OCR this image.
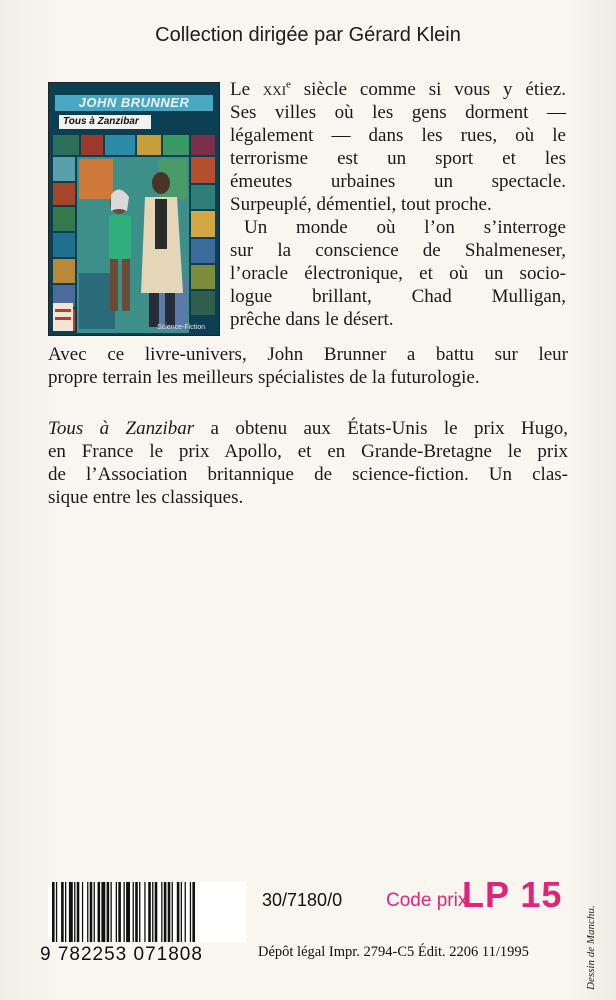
Collection dirigée par Gérard Klein
JOHN BRUNNER
Tous à Zanzibar
Science-Fiction
Le xxi$^e$ siècle comme si vous y étiez.
Ses villes où les gens dorment —
légalement — dans les rues, où le
terrorisme est un sport et les
émeutes urbaines un spectacle.
Surpeuplé, démentiel, tout proche.
Un monde où l’on s’interroge
sur la conscience de Shalmeneser,
l’oracle électronique, et où un socio-
logue brillant, Chad Mulligan,
prêche dans le désert.
Avec ce livre-univers, John Brunner a battu sur leur
propre terrain les meilleurs spécialistes de la futurologie.
Tous à Zanzibar a obtenu aux États-Unis le prix Hugo,
en France le prix Apollo, et en Grande-Bretagne le prix
de l’Association britannique de science-fiction. Un clas-
sique entre les classiques.
9 782253 071808
30/7180/0 Code prix
LP 15
Dépôt légal Impr. 2794-C5 Édit. 2206 11/1995	Dessin de Manchu.
